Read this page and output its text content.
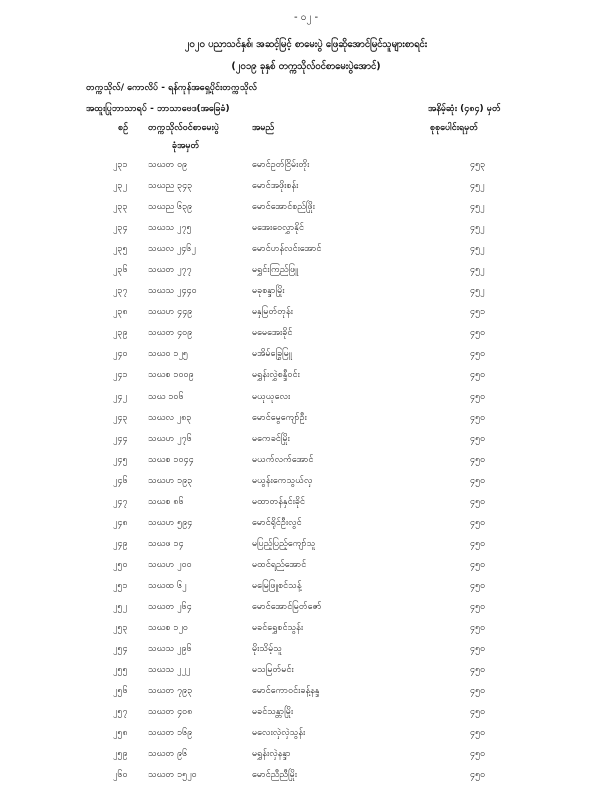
- ၀၂ -
၂၀၂၀ ပညာသင်နှစ်၊ အဆင့်မြင့် စာမေးပွဲ ဖြေဆိုအောင်မြင်သူများစာရင်း
(၂၀၁၉ ခုနှစ် တက္ကသိုလ်ဝင်စာမေးပွဲအောင်)
တက္ကသိုလ်/ ကောလိပ် - ရန်ကုန်အရှေ့ပိုင်းတက္ကသိုလ်
အထူးပြုဘာသာရပ် - ဘာသာဗေဒ(အခြေခံ)	အနိမ့်ဆုံး (၄၈၄) မှတ်
စဉ် တက္ကသိုလ်ဝင်စာမေးပွဲ
ခုံအမှတ်
အမည်	စုစုပေါင်းရမှတ်
၂၃၁ သဃတ ၀၉	မောင်ဥတ်ငြိမ်းတိုး	၄၅၃
၂၃၂ သဃည ၃၄၃	မောင်အဖိုးစန်း	၄၅၂
၂၃၃ သဃည ၆၃၉	မောင်အောင်စည်ဖြိုး	၄၅၂
၂၃၄ သဃသ ၂၇၅	မအေးဝေလွှာနိုင်	၄၅၂
၂၃၅ သဃလ ၂၄၆၂	မောင်ဟန်လင်းအောင်	၄၅၂
၂၃၆ သဃတ ၂၇၇	မရွှင်းကြည်ဖြူ	၄၅၂
၂၃၇ သဃသ ၂၄၄၀	မခုစန္ဒာမြိုး	၄၅၂
၂၃၈ သဃဟ ၄၄၉	မနှမြတ်တုန်း	၄၅၁
၂၃၉ သဃတ ၄၀၉	မမေအေးခိုင်	၄၅၀
၂၄၀ သဃ၀ ၁၂၅	မအိမ်ခြွေမြူ	၄၅၀
၂၄၁ သဃစ ၁၀၀၉	မရွှန်းလွှဲစန္ဒီဝင်း	၄၅၀
၂၄၂ သဃ ၁၀၆	မယုယုလေး	၄၅၀
၂၄၃ သဃလ ၂၈၃	မောင်မွေကျော်ဦး	၄၅၀
၂၄၄ သဃဟ ၂၇၆	မကေခင်မြိုး	၄၅၀
၂၄၅ သဃစ ၁၀၄၄	မယက်လက်အောင်	၄၅၀
၂၄၆ သဃဟ ၁၉၃	မယွန်းကေသွယ်လှ	၄၅၀
၂၄၇ သဃစ ၈၆	မထာတန်နှင်းခိုင်	၄၅၀
၂၄၈ သဃဟ ၅၉၄	မောင်ရိုင်ဦးလွင်	၄၅၀
၂၄၉ သဃဖ ၁၄	မပြည့်ပြည့်ကျော်သူ	၄၅၀
၂၅၀ သဃဟ ၂၀၀	မထင်ရည်အောင်	၄၅၀
၂၅၁ သဃထ ၆၂	မမြေဖြူစင်သန့်	၄၅၀
၂၅၂ သဃတ ၂၆၄	မောင်အောင်မြတ်ဇော်	၄၅၀
၂၅၃ သဃစ ၁၂၀	မခင်ရွှေစင်သွန်း	၄၅၀
၂၅၄ သဃသ ၂၉၆	မိုးသိမ့်သူ	၄၅၀
၂၅၅ သဃသ ၂၂၂	မသမြတ်မင်း	၄၅၀
၂၅၆ သဃတ ၇၉၃	မောင်ကောဝင်းခန့်နန္ဒ	၄၅၀
၂၅၇ သဃတ ၄၀၈	မခင်သန္တာမြိုး	၄၅၀
၂၅၈ သဃတ ၁၆၉	မလေးလှဲလှဲသွန်း	၄၅၀
၂၅၉ သဃတ ၉၆	မရွှန်းလှဲနန္ဒာ	၄၅၀
၂၆၀ သဃတ ၁၅၂၀	မောင်ညီညီမြိုး	၄၅၀
